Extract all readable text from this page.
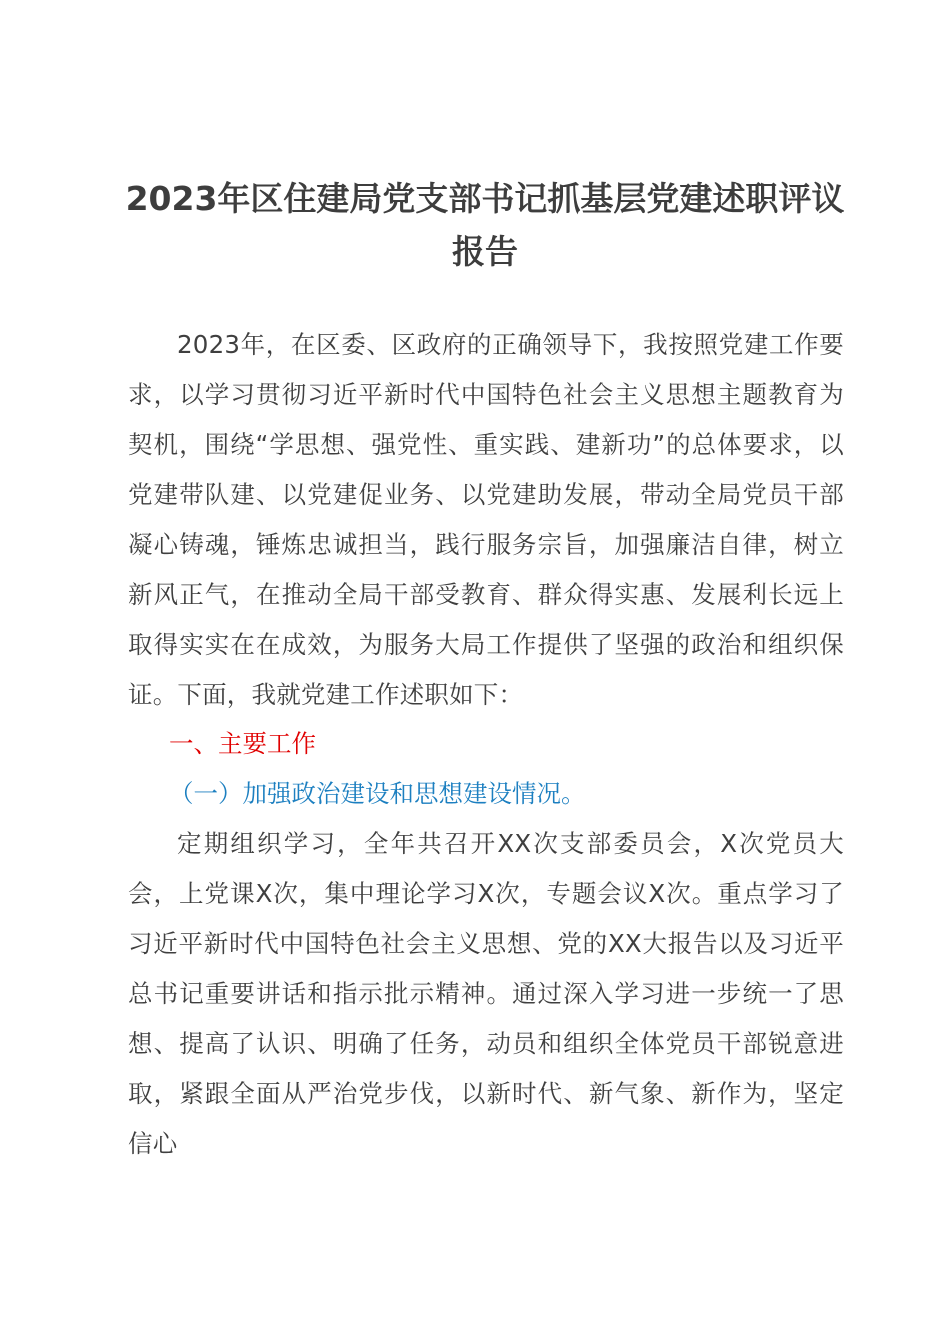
2023年区住建局党支部书记抓基层党建述职评议报告

2023年，在区委、区政府的正确领导下，我按照党建工作要求，以学习贯彻习近平新时代中国特色社会主义思想主题教育为契机，围绕“学思想、强党性、重实践、建新功”的总体要求，以党建带队建、以党建促业务、以党建助发展，带动全局党员干部凝心铸魂，锤炼忠诚担当，践行服务宗旨，加强廉洁自律，树立新风正气，在推动全局干部受教育、群众得实惠、发展利长远上取得实实在在成效，为服务大局工作提供了坚强的政治和组织保证。下面，我就党建工作述职如下：

一、主要工作

（一）加强政治建设和思想建设情况。

定期组织学习，全年共召开XX次支部委员会，X次党员大会，上党课X次，集中理论学习X次，专题会议X次。重点学习了习近平新时代中国特色社会主义思想、党的XX大报告以及习近平总书记重要讲话和指示批示精神。通过深入学习进一步统一了思想、提高了认识、明确了任务，动员和组织全体党员干部锐意进取，紧跟全面从严治党步伐，以新时代、新气象、新作为，坚定信心
